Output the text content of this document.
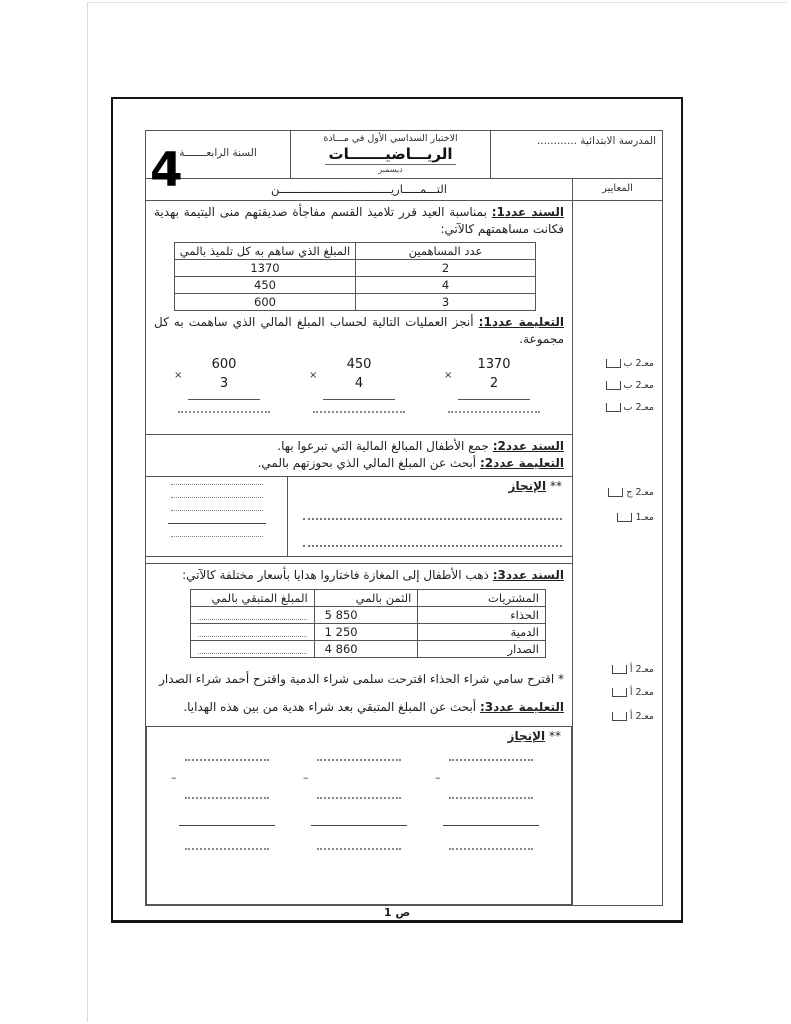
المدرسة الابتدائية ............
الاختبار السداسي الأول في مـــادة
الريـــاضيـــــــات
ديسمبر
السنة الرابعـــــــة
4	المعايير
التـــمـــــاريـــــــــــــــــــــــــــــــــن
معـ2 ب
معـ2 ب
معـ2 ب
معـ2 ج
معـ1
معـ2 أ
معـ2 أ
معـ2 أ
السند عدد1: بمناسبة العيد قرر تلاميذ القسم مفاجأة صديقتهم منى اليتيمة بهدية فكانت مساهمتهم كالآتي:
عدد المساهمين	المبلغ الذي ساهم به كل تلميذ بالمي
2	1370
4	450
3	600
التعليمة عدد1: أنجز العمليات التالية لحساب المبلغ المالي الذي ساهمت به كل مجموعة.
1370
×
2
450
×
4
600
×
3
السند عدد2: جمع الأطفال المبالغ المالية التي تبرعوا بها.
التعليمة عدد2: أبحث عن المبلغ المالي الذي بحوزتهم بالمي.
** الإنجاز
السند عدد3: ذهب الأطفال إلى المغازة فاختاروا هدايا بأسعار مختلفة كالآتي:
المشتريات	الثمن بالمي	المبلغ المتبقي بالمي
الحذاء	5 850	

الدمية	1 250	

الصدار	4 860	
* اقترح سامي شراء الحذاء اقترحت سلمى شراء الدمية واقترح أحمد شراء الصدار
التعليمة عدد3: أبحث عن المبلغ المتبقي بعد شراء هدية من بين هذه الهدايا.
** الإنجاز
–
–
–
ص 1
